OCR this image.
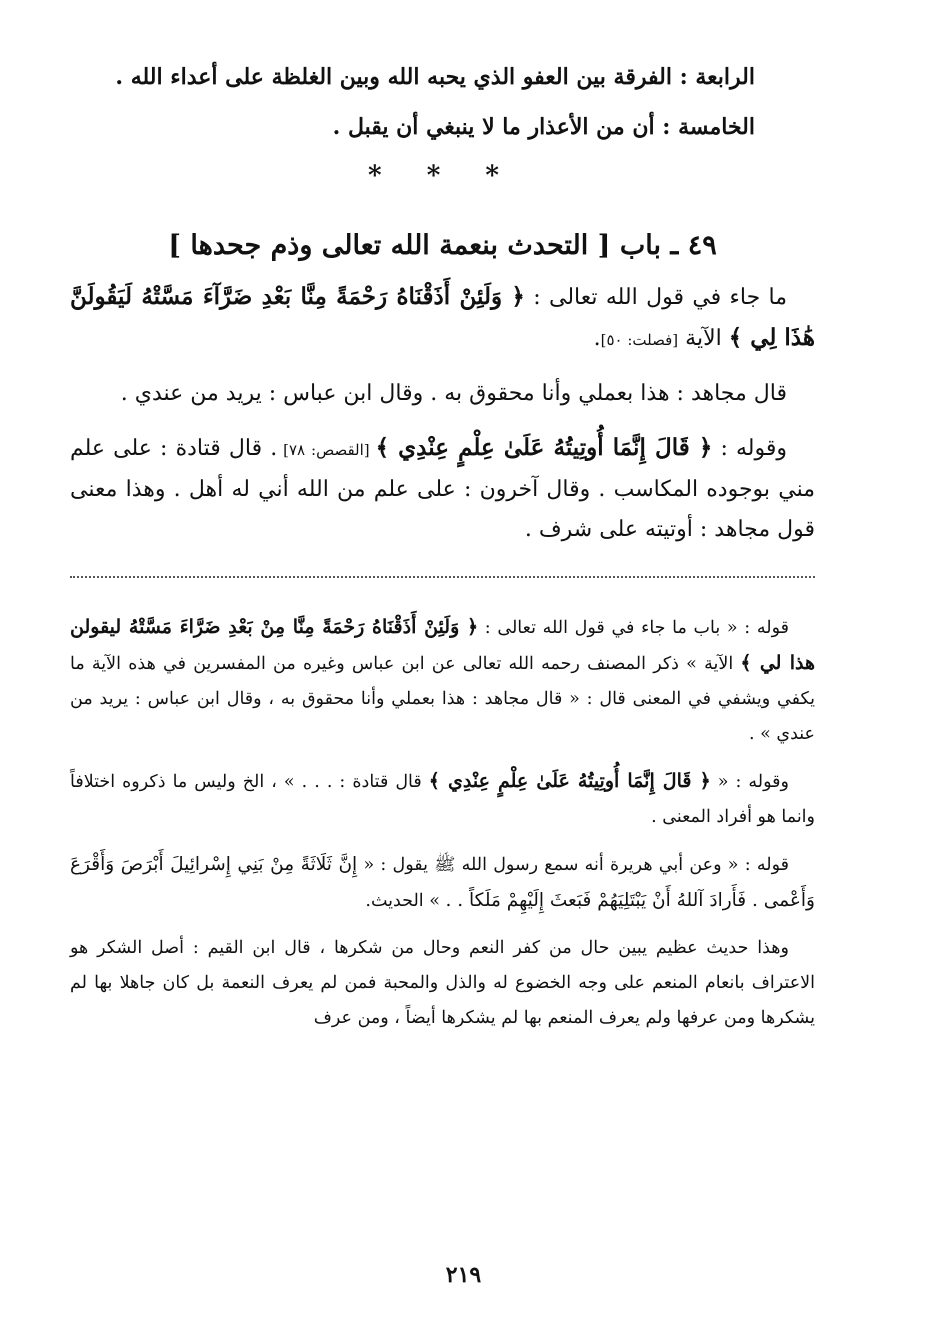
الرابعة : الفرقة بين العفو الذي يحبه الله وبين الغلظة على أعداء الله .

الخامسة : أن من الأعذار ما لا ينبغي أن يقبل .

* * *
٤٩ ـ باب [ التحدث بنعمة الله تعالى وذم جحدها ]

ما جاء في قول الله تعالى : ﴿ وَلَئِنْ أَذَقْنَاهُ رَحْمَةً مِنَّا بَعْدِ ضَرَّآءَ مَسَّتْهُ لَيَقُولَنَّ هَٰذَا لِي ﴾ الآية [فصلت: ٥٠].

قال مجاهد : هذا بعملي وأنا محقوق به . وقال ابن عباس : يريد من عندي .

وقوله : ﴿ قَالَ إِنَّمَا أُوتِيتُهُ عَلَىٰ عِلْمٍ عِنْدِي ﴾ [القصص: ٧٨] . قال قتادة : على علم مني بوجوده المكاسب . وقال آخرون : على علم من الله أني له أهل . وهذا معنى قول مجاهد : أوتيته على شرف .

قوله : « باب ما جاء في قول الله تعالى : ﴿ وَلَئِنْ أَذَقْنَاهُ رَحْمَةً مِنَّا مِنْ بَعْدِ ضَرَّاءَ مَسَّتْهُ ليقولن هذا لي ﴾ الآية » ذكر المصنف رحمه الله تعالى عن ابن عباس وغيره من المفسرين في هذه الآية ما يكفي ويشفي في المعنى قال : « قال مجاهد : هذا بعملي وأنا محقوق به ، وقال ابن عباس : يريد من عندي » .

وقوله : « ﴿ قَالَ إِنَّمَا أُوتِيتُهُ عَلَىٰ عِلْمٍ عِنْدِي ﴾ قال قتادة : . . . » ، الخ وليس ما ذكروه اختلافاً وانما هو أفراد المعنى .

قوله : « وعن أبي هريرة أنه سمع رسول الله ﷺ يقول : « إِنَّ ثَلَاثَةً مِنْ بَنِي إِسْرائِيلَ أَبْرَصَ وَأَقْرَعَ وَأَعْمى . فَأَرادَ آللهُ أَنْ يَبْتَلِيَهُمْ فَبَعثَ إِلَيْهِمْ مَلَكاً . . » الحديث.

وهذا حديث عظيم يبين حال من كفر النعم وحال من شكرها ، قال ابن القيم : أصل الشكر هو الاعتراف بانعام المنعم على وجه الخضوع له والذل والمحبة فمن لم يعرف النعمة بل كان جاهلا بها لم يشكرها ومن عرفها ولم يعرف المنعم بها لم يشكرها أيضاً ، ومن عرف

٢١٩
